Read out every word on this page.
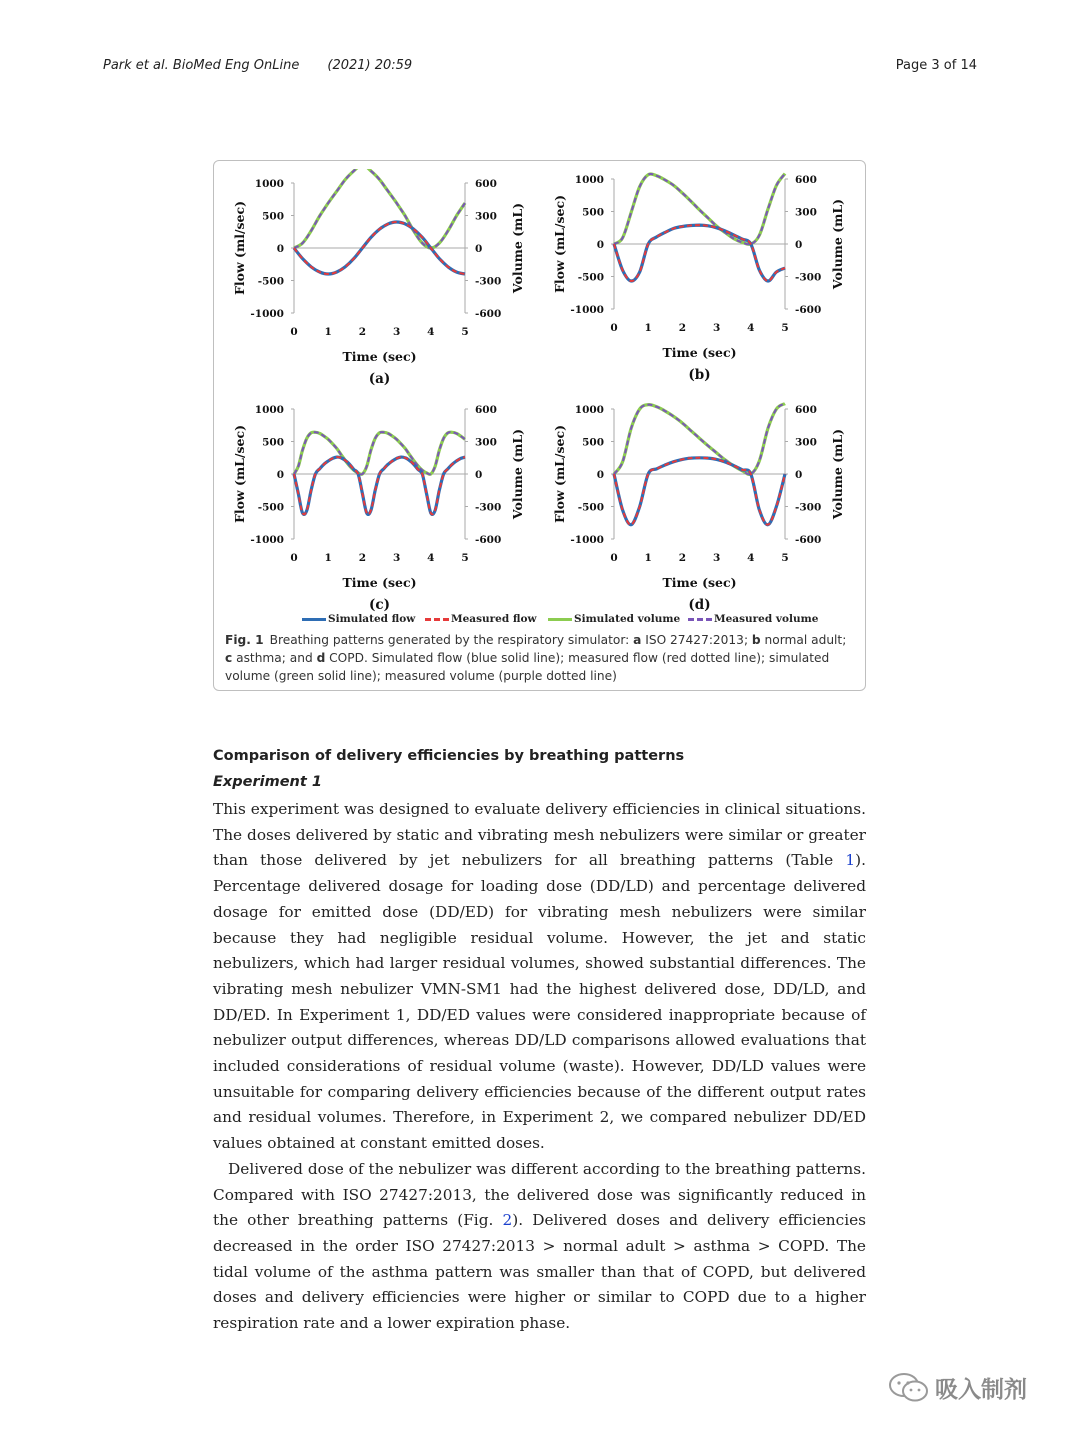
Park et al. BioMed Eng OnLine (2021) 20:59	Page 3 of 14
1000
500
0
-500
-1000
600
300
0
-300
-600
0	1	2	3	4	5
Time (sec)
(a)
Flow (ml/sec)	Volume (mL)
1000
500
0
-500
-1000
600
300
0
-300
-600
0	1	2	3	4	5
Time (sec)
(b)
Flow (mL/sec)	Volume (mL)
1000
500
0
-500
-1000
600
300
0
-300
-600
0	1	2	3	4	5
Time (sec)
(c)
Flow (mL/sec)	Volume (mL)
1000
500
0
-500
-1000
600
300
0
-300
-600
0	1	2	3	4	5
Time (sec)
(d)
Flow (mL/sec)	Volume (mL)
Simulated flow	Measured flow	Simulated volume	Measured volume
Fig. 1 Breathing patterns generated by the respiratory simulator: a ISO 27427:2013; b normal adult; c asthma; and d COPD. Simulated flow (blue solid line); measured flow (red dotted line); simulated volume (green solid line); measured volume (purple dotted line)
Comparison of delivery efficiencies by breathing patterns
Experiment 1

This experiment was designed to evaluate delivery efficiencies in clinical situations. The doses delivered by static and vibrating mesh nebulizers were similar or greater than those delivered by jet nebulizers for all breathing patterns (Table 1). Percentage delivered dosage for loading dose (DD/LD) and percentage delivered dosage for emitted dose (DD/ED) for vibrating mesh nebulizers were similar because they had negligible residual volume. However, the jet and static nebulizers, which had larger residual volumes, showed substantial differences. The vibrating mesh nebulizer VMN-SM1 had the highest delivered dose, DD/LD, and DD/ED. In Experiment 1, DD/ED values were considered inappropriate because of nebulizer output differences, whereas DD/LD comparisons allowed evaluations that included considerations of residual volume (waste). However, DD/LD values were unsuitable for comparing delivery efficiencies because of the different output rates and residual volumes. Therefore, in Experiment 2, we compared nebulizer DD/ED values obtained at constant emitted doses.

Delivered dose of the nebulizer was different according to the breathing patterns. Compared with ISO 27427:2013, the delivered dose was significantly reduced in the other breathing patterns (Fig. 2). Delivered doses and delivery efficiencies decreased in the order ISO 27427:2013 > normal adult > asthma > COPD. The tidal volume of the asthma pattern was smaller than that of COPD, but delivered doses and delivery efficiencies were higher or similar to COPD due to a higher respiration rate and a lower expiration phase.

吸入制剂
